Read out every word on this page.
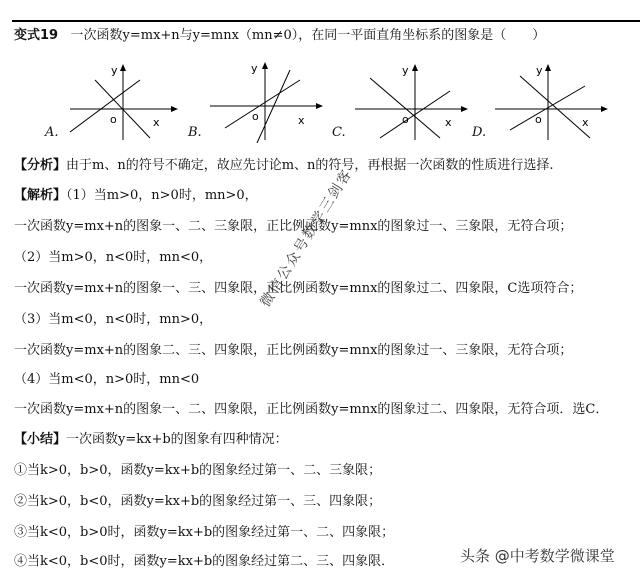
变式19 一次函数y=mx+n与y=mnx（mn≠0），在同一平面直角坐标系的图象是（　　）
y
o	x
A.
y
o	x
B.
y
o	x
C.
y
o	x
D.
【分析】由于m、n的符号不确定，故应先讨论m、n的符号，再根据一次函数的性质进行选择.
【解析】（1）当m>0，n>0时，mn>0，
一次函数y=mx+n的图象一、二、三象限，正比例函数y=mnx的图象过一、三象限，无符合项；
（2）当m>0，n<0时，mn<0，
一次函数y=mx+n的图象一、三、四象限，正比例函数y=mnx的图象过二、四象限，C选项符合；
（3）当m<0，n<0时，mn>0，
一次函数y=mx+n的图象二、三、四象限，正比例函数y=mnx的图象过一、三象限，无符合项；
（4）当m<0，n>0时，mn<0
一次函数y=mx+n的图象一、二、四象限，正比例函数y=mnx的图象过二、四象限，无符合项．选C．
【小结】一次函数y=kx+b的图象有四种情况：
①当k>0，b>0，函数y=kx+b的图象经过第一、二、三象限；
②当k>0，b<0，函数y=kx+b的图象经过第一、三、四象限；
③当k<0，b>0时，函数y=kx+b的图象经过第一、二、四象限；
④当k<0，b<0时，函数y=kx+b的图象经过第二、三、四象限．
微信公众号数学三剑客
头条 @中考数学微课堂
